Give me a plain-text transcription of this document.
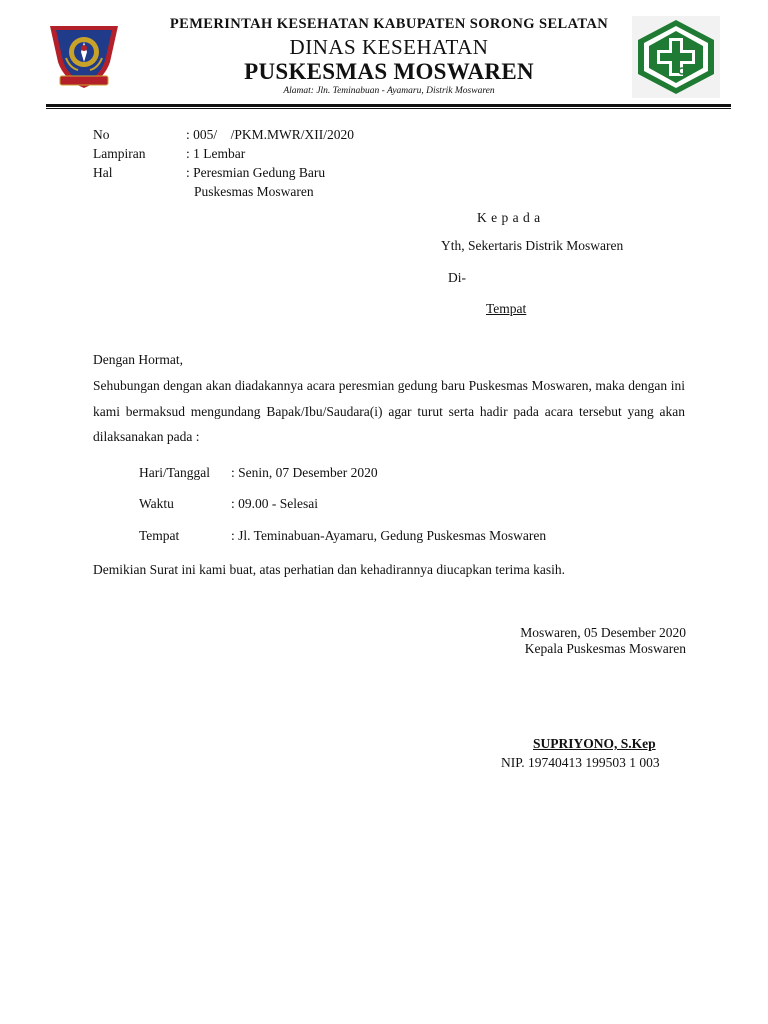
PEMERINTAH KESEHATAN KABUPATEN SORONG SELATAN
DINAS KESEHATAN
PUSKESMAS MOSWAREN
Alamat: Jln. Teminabuan - Ayamaru, Distrik Moswaren
No	: 005/    /PKM.MWR/XII/2020
Lampiran	: 1 Lembar
Hal	: Peresmian Gedung Baru
Puskesmas Moswaren
K e p a d a
Yth, Sekertaris Distrik Moswaren
Di-
Tempat
Dengan Hormat,
Sehubungan dengan akan diadakannya acara peresmian gedung baru Puskesmas Moswaren, maka dengan ini kami bermaksud mengundang Bapak/Ibu/Saudara(i) agar turut serta hadir pada acara tersebut yang akan dilaksanakan pada :
Hari/Tanggal : Senin, 07 Desember 2020
Waktu	: 09.00 - Selesai
Tempat	: Jl. Teminabuan-Ayamaru, Gedung Puskesmas Moswaren
Demikian Surat ini kami buat, atas perhatian dan kehadirannya diucapkan terima kasih.
Moswaren, 05 Desember 2020
Kepala Puskesmas Moswaren
SUPRIYONO, S.Kep
NIP. 19740413 199503 1 003
